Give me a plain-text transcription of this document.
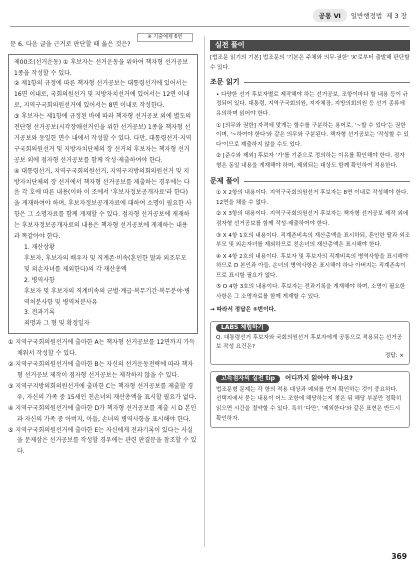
공통 Ⅵ	일반행정법 제 3 장
※ 기출예제 6번

문 6. 다음 글을 근거로 판단할 때 옳은 것은?

제00조(선거운동) ① 후보자는 선거운동을 위하여 책자형 선거공보 1종을 작성할 수 있다.

② 제1항의 규정에 따른 책자형 선거공보는 대통령선거에 있어서는 16면 이내로, 국회의원선거 및 지방자치선거에 있어서는 12면 이내로, 지역구국회의원선거에 있어서는 8면 이내로 작성한다.

③ 후보자는 제1항에 규정된 바에 따라 책자형 선거공보 외에 별도의 전단형 선거공보(시각장애선거인을 위한 선거공보) 1종을 책자형 선거공보와 동일한 면수 내에서 작성할 수 있다. 다만, 대통령선거·지역구국회의원선거 및 지방자치단체의 장 선거의 후보자는 책자형 선거공보 외에 점자형 선거공보를 함께 작성·제출하여야 한다.

④ 대통령선거, 지역구국회의원선거, 지역구지방의회의원선거 및 지방자치단체의 장 선거에서 책자형 선거공보를 제출하는 경우에는 다음 각 호에 따른 내용(이하 이 조에서 '후보자정보공개자료'라 한다)을 게재하여야 하며, 후보자정보공개자료에 대하여 소명이 필요한 사항은 그 소명자료를 함께 게재할 수 있다. 점자형 선거공보에 게재하는 후보자정보공개자료의 내용은 책자형 선거공보에 게재하는 내용과 똑같아야 한다.

1. 재산상황

후보자, 후보자의 배우자 및 직계존·비속(혼인한 딸과 외조부모 및 외손자녀를 제외한다)의 각 재산총액

2. 병역사항

후보자 및 후보자의 직계비속의 군별·계급·복무기간·복무분야·병역처분사항 및 병역처분사유

3. 전과기록

죄명과 그 형 및 확정일자

① 지역구국회의원선거에 출마한 A는 책자형 선거공보를 12면까지 가득 채워서 작성할 수 있다.

② 지역구국회의원선거에 출마한 B는 자신의 선거운동전략에 따라 책자형 선거공보 제작이 점자형 선거공보는 제작하지 않을 수 있다.

③ 지역구지방의회의원선거에 출마한 C는 책자형 선거공보를 제출할 경우, 자신의 가족 중 15세인 친손녀의 재산총액을 표시할 필요가 없다.

④ 지역구국회의원선거에 출마한 D가 책자형 선거공보를 제출 시 D 본인과 자신의 가족 중 아버지, 아들, 손녀의 병역사항을 표시해야 한다.

⑤ 지역구국회의원선거에 출마한 E는 자신에게 전과기록이 있다는 사실을 문제삼은 선거공보를 작성할 경우에는 관련 판결문을 참조할 수 있다.

실전 풀이

[법조문 읽기의 기본] 법조문의 '기본은 주체와 의무·권한' 'X'로부터 출발해 판단할 수 있다.

조문 읽기

• 다양한 선거 후보자별로 제작해야 하는 선거공보, 조항이마다 할 내용 등이 규정되어 있다. 대통령, 지역구국회의원, 지자체장, 지방의회의원 등 선거 종류에 유의하며 읽어야 한다.

① [의무와 권한] 자격에 맞게는 할수를 구분하는 용어로, '~할 수 있다'는 권한이며, '~하여야 한다'와 같은 의무와 구분된다. 책자형 선거공보는 '작성할 수 있다'이므로 제출하지 않을 수도 있다.

② [준수와 제외] 후보자 '가'를 기준으로 정의하는 이유를 확인해야 한다. 점자형은 동일 내용을 게재해야 하며, 제외되는 대상도 함께 확인하여 적용한다.

문제 풀이

① X 2항의 내용이다. 지역구국회의원선거 후보자는 8면 이내로 작성해야 한다. 12면을 채울 수 없다.

② X 3항의 내용이다. 지역구국회의원선거 후보자는 책자형 선거공보 제작 외에 점자형 선거공보를 함께 작성·제출하여야 한다.

③ X 4항 1호의 내용이다. 직계존비속의 재산총액을 표시하되, 혼인한 딸과 외조부모 및 외손자녀를 제외하므로 친손녀의 재산총액은 표시해야 한다.

④ X 4항 2호의 내용이다. 후보자 및 후보자의 직계비속의 병역사항을 표시해야 하므로 D 본인과 아들, 손녀의 병역사항은 표시해야 하나 아버지는 직계존속이므로 표시할 필요가 없다.

⑤ O 4항 3호의 내용이다. 후보자는 전과기록을 게재해야 하며, 소명이 필요한 사항은 그 소명자료를 함께 게재할 수 있다.

→ 따라서 정답은 ⑤번이다.

LABS 체험하기

Q. 대통령선거 후보자와 국회의원선거 후보자에게 공통으로 적용되는 선거공보 작성 요건은?

정답: ×

고득점자의 실전 tip 어디까지 읽어야 하나요?

법조문형 문제는 각 항의 적용 대상과 예외를 먼저 확인하는 것이 중요하다. 선택지에서 묻는 내용이 어느 조항에 해당하는지 찾은 뒤 해당 부분만 정확히 읽으면 시간을 절약할 수 있다. 특히 '다만', '제외한다'와 같은 표현은 반드시 확인하자.

369
